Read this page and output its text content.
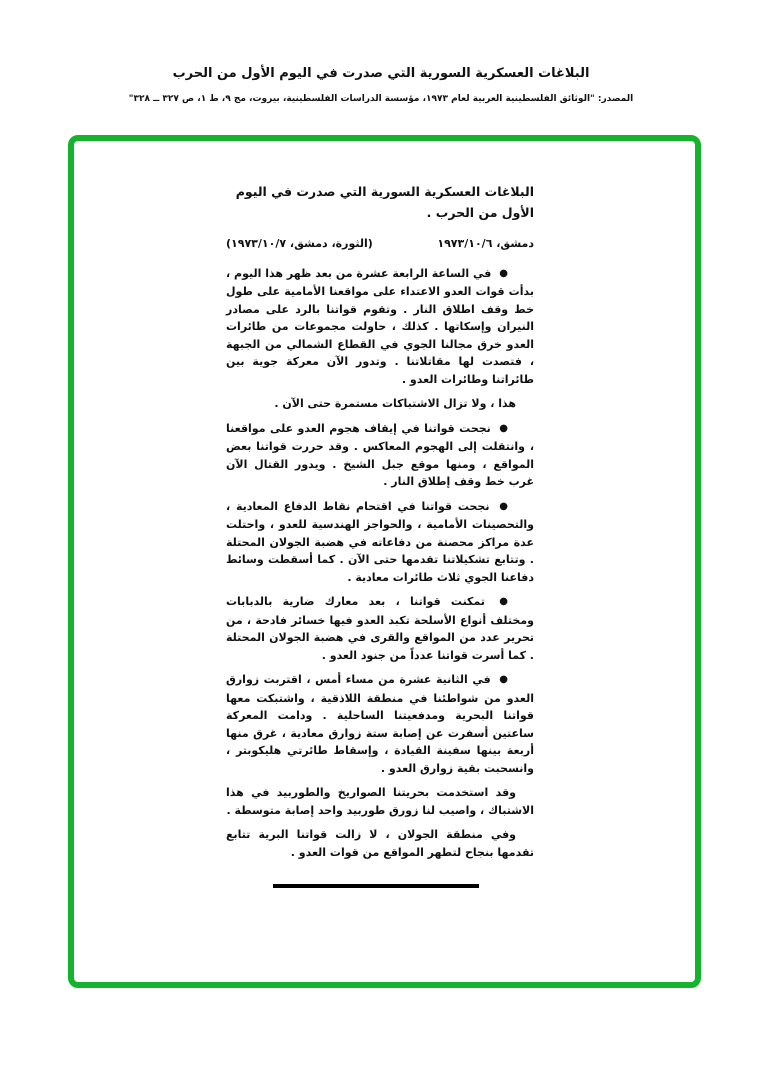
البلاغات العسكرية السورية التي صدرت في اليوم الأول من الحرب
المصدر: "الوثائق الفلسطينية العربية لعام ١٩٧٣، مؤسسة الدراسات الفلسطينية، بيروت، مج ٩، ط ١، ص ٣٢٧ ــ ٣٢٨"
البلاغات العسكرية السورية التي صدرت في اليوم الأول من الحرب .
دمشق، ١٩٧٣/١٠/٦
(الثورة، دمشق، ١٩٧٣/١٠/٧)

● في الساعة الرابعة عشرة من بعد ظهر هذا اليوم ، بدأت قوات العدو الاعتداء على مواقعنا الأمامية على طول خط وقف اطلاق النار . وتقوم قواتنا بالرد على مصادر النيران وإسكاتها . كذلك ، حاولت مجموعات من طائرات العدو خرق مجالنا الجوي في القطاع الشمالي من الجبهة ، فتصدت لها مقاتلاتنا . وتدور الآن معركة جوية بين طائراتنا وطائرات العدو .

هذا ، ولا تزال الاشتباكات مستمرة حتى الآن .

● نجحت قواتنا في إيقاف هجوم العدو على مواقعنا ، وانتقلت إلى الهجوم المعاكس . وقد حررت قواتنا بعض المواقع ، ومنها موقع جبل الشيخ . ويدور القتال الآن غرب خط وقف إطلاق النار .

● نجحت قواتنا في اقتحام نقاط الدفاع المعادية ، والتحصينات الأمامية ، والحواجز الهندسية للعدو ، واحتلت عدة مراكز محصنة من دفاعاته في هضبة الجولان المحتلة . وتتابع تشكيلاتنا تقدمها حتى الآن . كما أسقطت وسائط دفاعنا الجوي ثلاث طائرات معادية .

● تمكنت قواتنا ، بعد معارك ضارية بالدبابات ومختلف أنواع الأسلحة تكبد العدو فيها خسائر فادحة ، من تحرير عدد من المواقع والقرى في هضبة الجولان المحتلة . كما أسرت قواتنا عدداً من جنود العدو .

● في الثانية عشرة من مساء أمس ، اقتربت زوارق العدو من شواطئنا في منطقة اللاذقية ، واشتبكت معها قواتنا البحرية ومدفعيتنا الساحلية . ودامت المعركة ساعتين أسفرت عن إصابة ستة زوارق معادية ، غرق منها أربعة بينها سفينة القيادة ، وإسقاط طائرتي هليكوبتر ، وانسحبت بقية زوارق العدو .

وقد استخدمت بحريتنا الصواريخ والطوربيد في هذا الاشتباك ، واصيب لنا زورق طوربيد واحد إصابة متوسطة .

وفي منطقة الجولان ، لا زالت قواتنا البرية تتابع تقدمها بنجاح لتطهر المواقع من قوات العدو .
